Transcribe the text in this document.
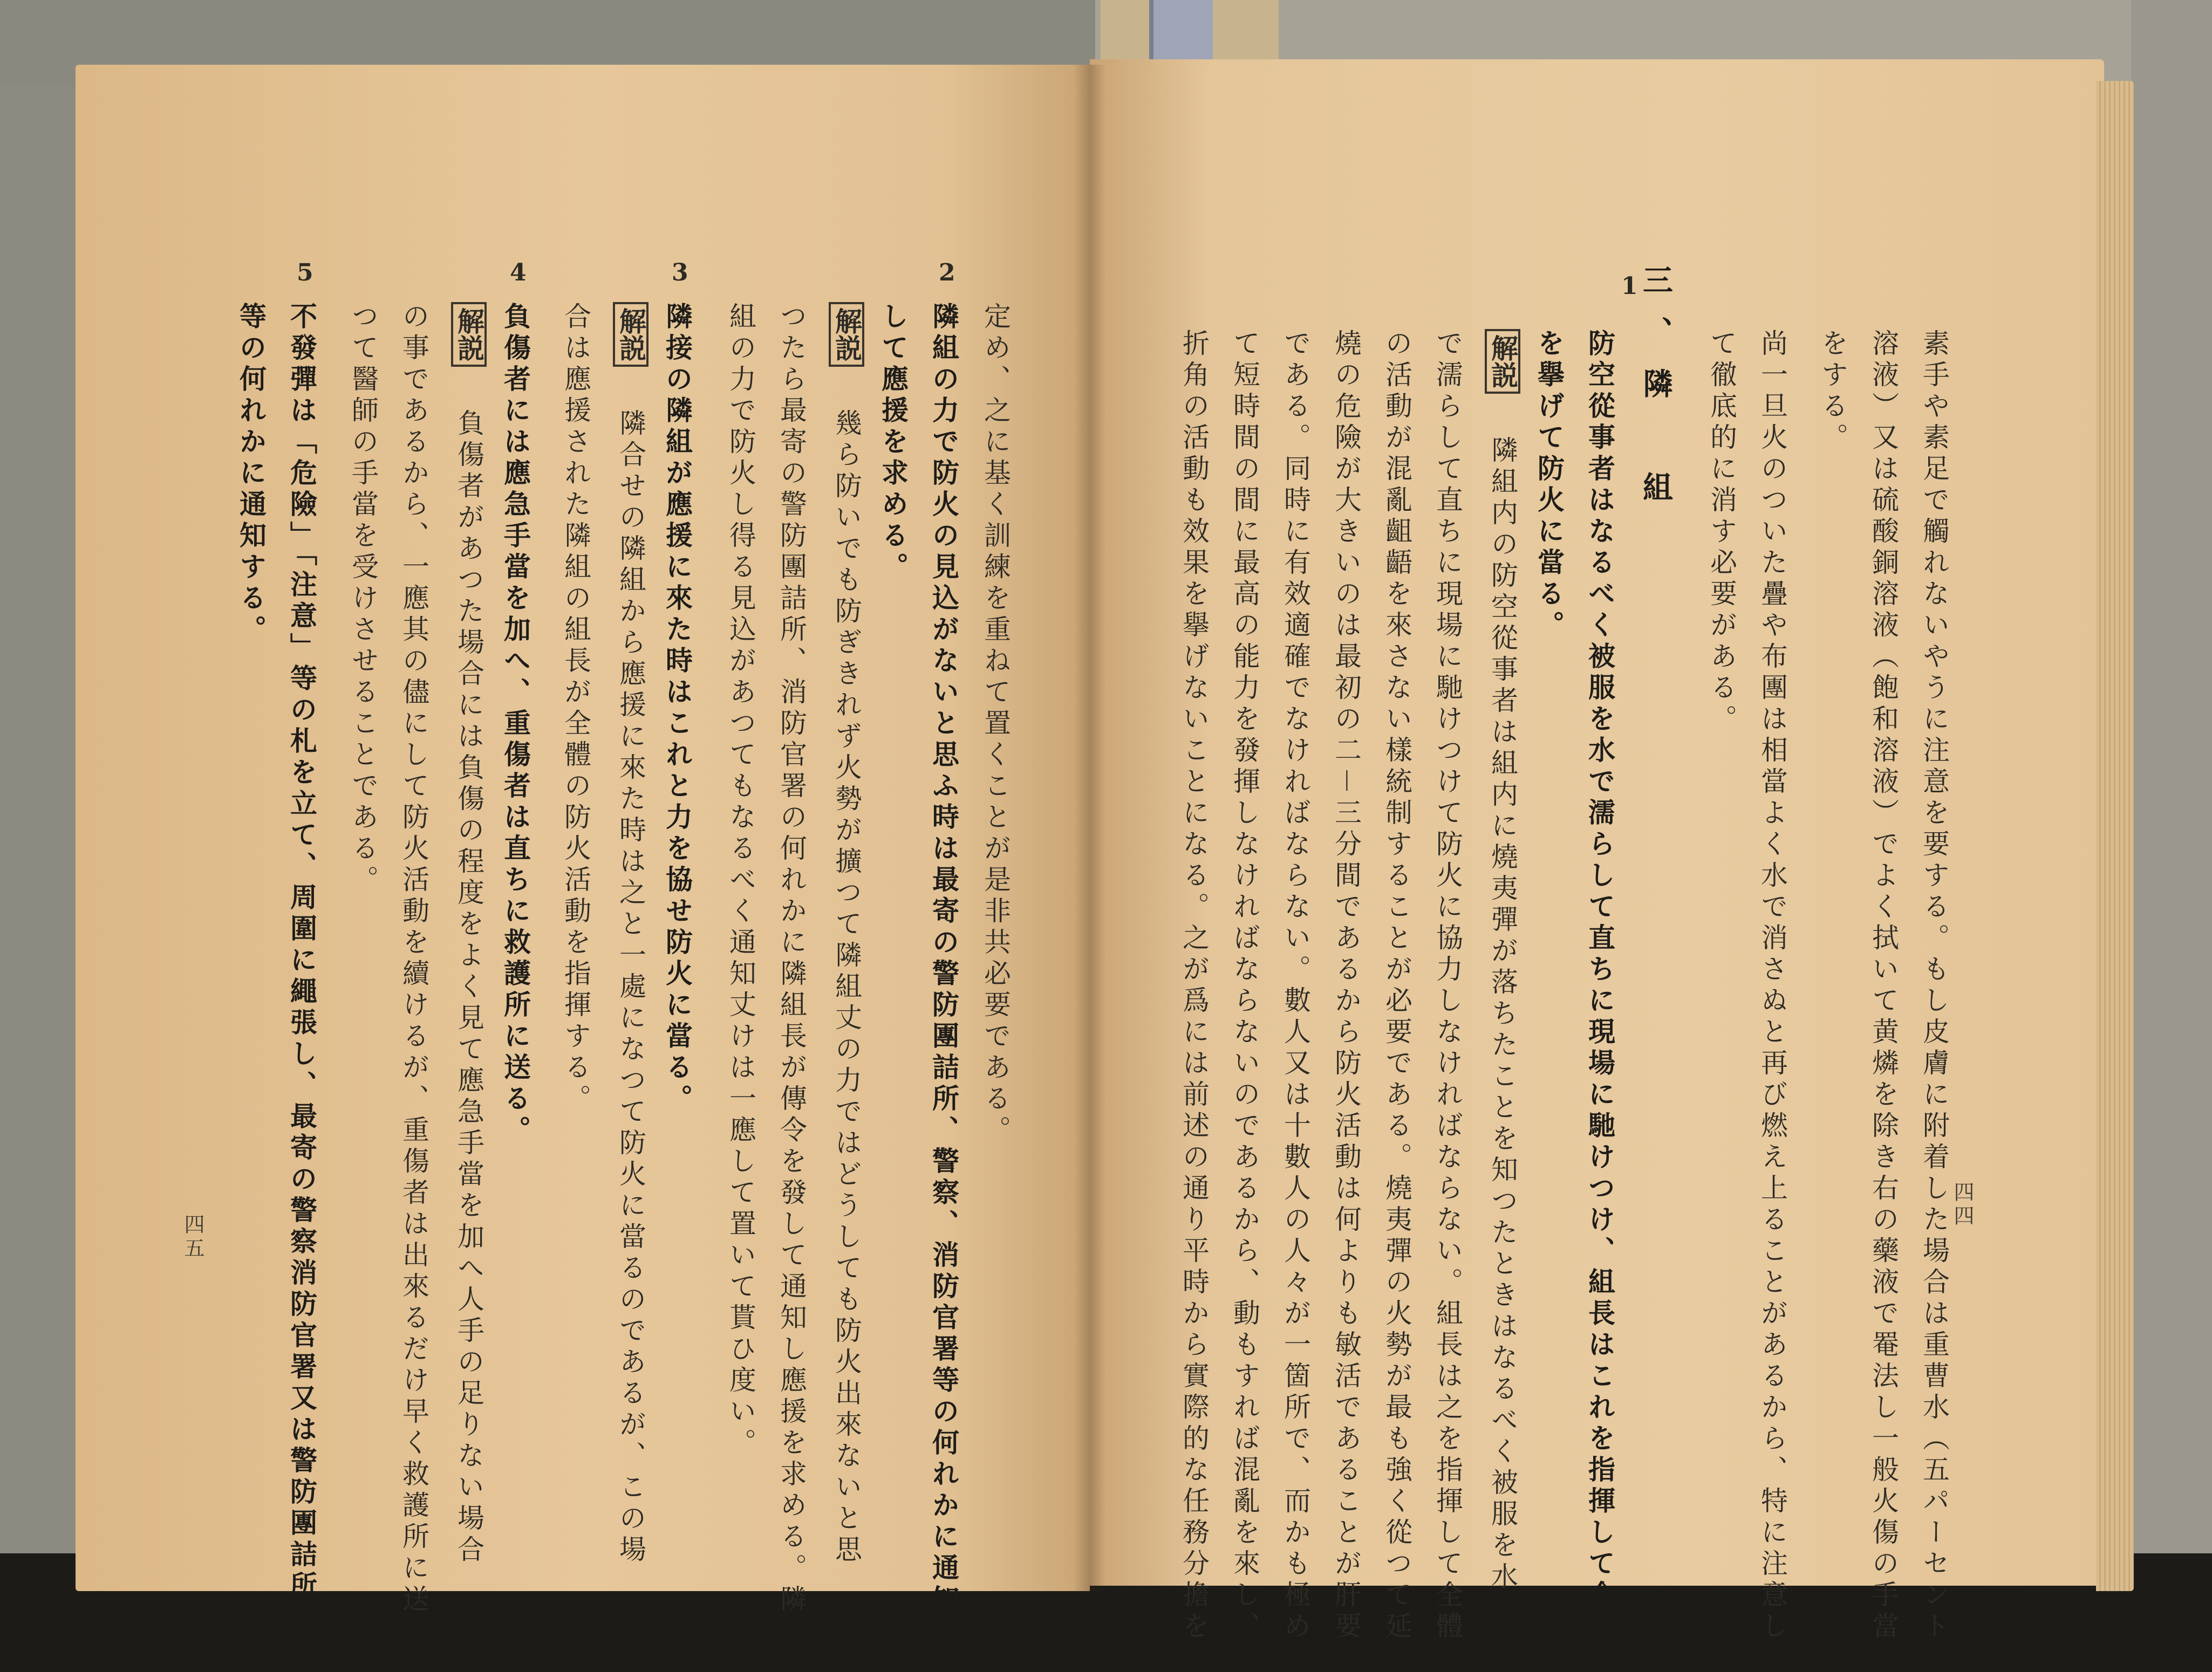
定め、之に基く訓練を重ねて置くことが是非共必要である。
2
隣組の力で防火の見込がないと思ふ時は最寄の警防團詰所、警察、消防官署等の何れかに通知
して應援を求める。
解説幾ら防いでも防ぎきれず火勢が擴つて隣組丈の力ではどうしても防火出來ないと思
つたら最寄の警防團詰所、消防官署の何れかに隣組長が傳令を發して通知し應援を求める。隣
組の力で防火し得る見込があつてもなるべく通知丈けは一應して置いて貰ひ度い。
3
隣接の隣組が應援に來た時はこれと力を協せ防火に當る。
解説隣合せの隣組から應援に來た時は之と一處になつて防火に當るのであるが、この場
合は應援された隣組の組長が全體の防火活動を指揮する。
4
負傷者には應急手當を加へ、重傷者は直ちに救護所に送る。
解説負傷者があつた場合には負傷の程度をよく見て應急手當を加へ人手の足りない場合
の事であるから、一應其の儘にして防火活動を續けるが、重傷者は出來るだけ早く救護所に送
つて醫師の手當を受けさせることである。
5
不發彈は「危險」「注意」等の札を立て、周圍に繩張し、最寄の警察消防官署又は警防團詰所
等の何れかに通知する。
四五
四四
素手や素足で觸れないやうに注意を要する。もし皮膚に附着した場合は重曹水（五パーセント
溶液）又は硫酸銅溶液（飽和溶液）でよく拭いて黄燐を除き右の藥液で罨法し一般火傷の手當
をする。
尚一旦火のついた疊や布團は相當よく水で消さぬと再び燃え上ることがあるから、特に注意し
て徹底的に消す必要がある。
三、隣　組
1
防空從事者はなるべく被服を水で濡らして直ちに現場に馳けつけ、組長はこれを指揮して全力
を擧げて防火に當る。
解説隣組内の防空從事者は組内に燒夷彈が落ちたことを知つたときはなるべく被服を水
で濡らして直ちに現場に馳けつけて防火に協力しなければならない。組長は之を指揮して全體
の活動が混亂齟齬を來さない樣統制することが必要である。燒夷彈の火勢が最も強く從つて延
燒の危險が大きいのは最初の二－三分間であるから防火活動は何よりも敏活であることが肝要
である。同時に有效適確でなければならない。數人又は十數人の人々が一箇所で、而かも極め
て短時間の間に最高の能力を發揮しなければならないのであるから、動もすれば混亂を來し、
折角の活動も效果を擧げないことになる。之が爲には前述の通り平時から實際的な任務分擔を
